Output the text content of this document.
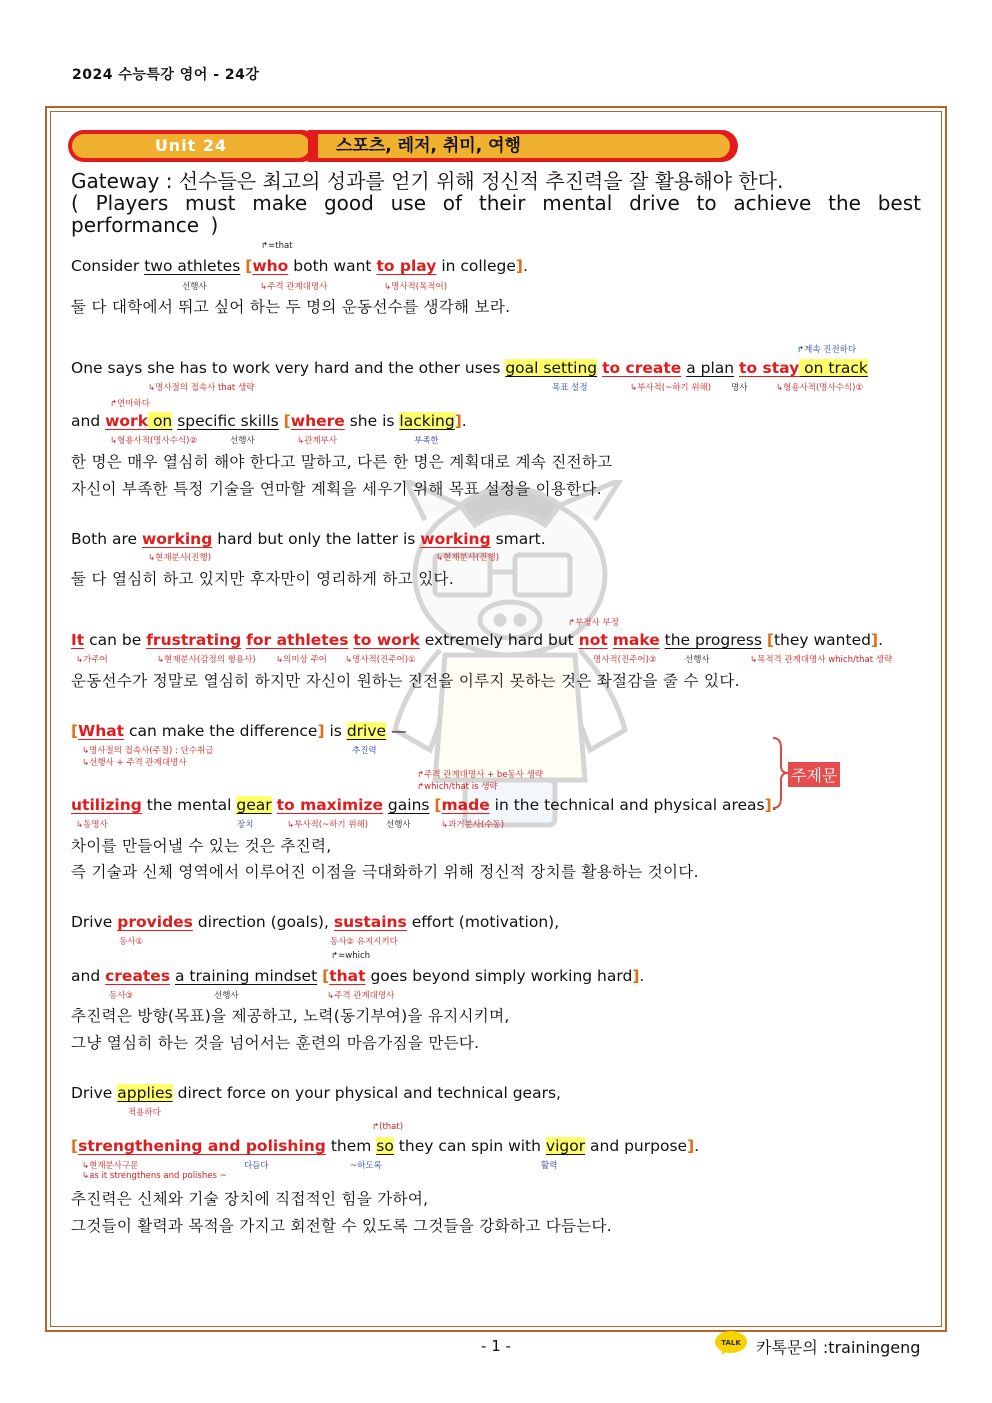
2024 수능특강 영어 - 24강
Unit 24	스포츠, 레저, 취미, 여행
Gateway : 선수들은 최고의 성과를 얻기 위해 정신적 추진력을 잘 활용해야 한다.
( Players must make good use of their mental drive to achieve the best performance )
↱=that
Consider two athletes [who both want to play in college].
선행사	↳주격 관계대명사	↳명사적(목적어)
둘 다 대학에서 뛰고 싶어 하는 두 명의 운동선수를 생각해 보라.
↱계속 진전하다
One says she has to work very hard and the other uses goal setting to create a plan to stay on track
↳명사절의 접속사 that 생략	목표 설정	↳부사적(~하기 위해) 명사	↳형용사적(명사수식)①
↱연마하다
and work on specific skills [where she is lacking].
↳형용사적(명사수식)②	선행사	↳관계부사	부족한
한 명은 매우 열심히 해야 한다고 말하고, 다른 한 명은 계획대로 계속 진전하고
자신이 부족한 특정 기술을 연마할 계획을 세우기 위해 목표 설정을 이용한다.
Both are working hard but only the latter is working smart.
↳현재분사(진행)	↳현재분사(진행)
둘 다 열심히 하고 있지만 후자만이 영리하게 하고 있다.
↱부정사 부정
It can be frustrating for athletes to work extremely hard but not make the progress [they wanted].
↳가주어	↳현재분사(감정의 형용사) ↳의미상 주어 ↳명사적(진주어)①	명사적(진주어)②	선행사	↳목적격 관계대명사 which/that 생략
운동선수가 정말로 열심히 하지만 자신이 원하는 진전을 이루지 못하는 것은 좌절감을 줄 수 있다.
[What can make the difference] is drive —
↳명사절의 접속사(주절) : 단수취급
↳선행사 + 주격 관계대명사
추진력
↱주격 관계대명사 + be동사 생략
↱which/that is 생략
utilizing the mental gear to maximize gains [made in the technical and physical areas].
↳동명사	장치	↳부사적(~하기 위해) 선행사	↳과거분사(수동)
주제문
차이를 만들어낼 수 있는 것은 추진력,
즉 기술과 신체 영역에서 이루어진 이점을 극대화하기 위해 정신적 장치를 활용하는 것이다.
Drive provides direction (goals), sustains effort (motivation),
동사①	동사② 유지시키다
↱=which
and creates a training mindset [that goes beyond simply working hard].
동사③	선행사	↳주격 관계대명사
추진력은 방향(목표)을 제공하고, 노력(동기부여)을 유지시키며,
그냥 열심히 하는 것을 넘어서는 훈련의 마음가짐을 만든다.
Drive applies direct force on your physical and technical gears,
적용하다
↱(that)
[strengthening and polishing them so they can spin with vigor and purpose].
↳현재분사구문
↳as it strengthens and polishes ~
다듬다	~하도록	활력
추진력은 신체와 기술 장치에 직접적인 힘을 가하여,
그것들이 활력과 목적을 가지고 회전할 수 있도록 그것들을 강화하고 다듬는다.
- 1 -	TALK 카톡문의 :trainingeng
